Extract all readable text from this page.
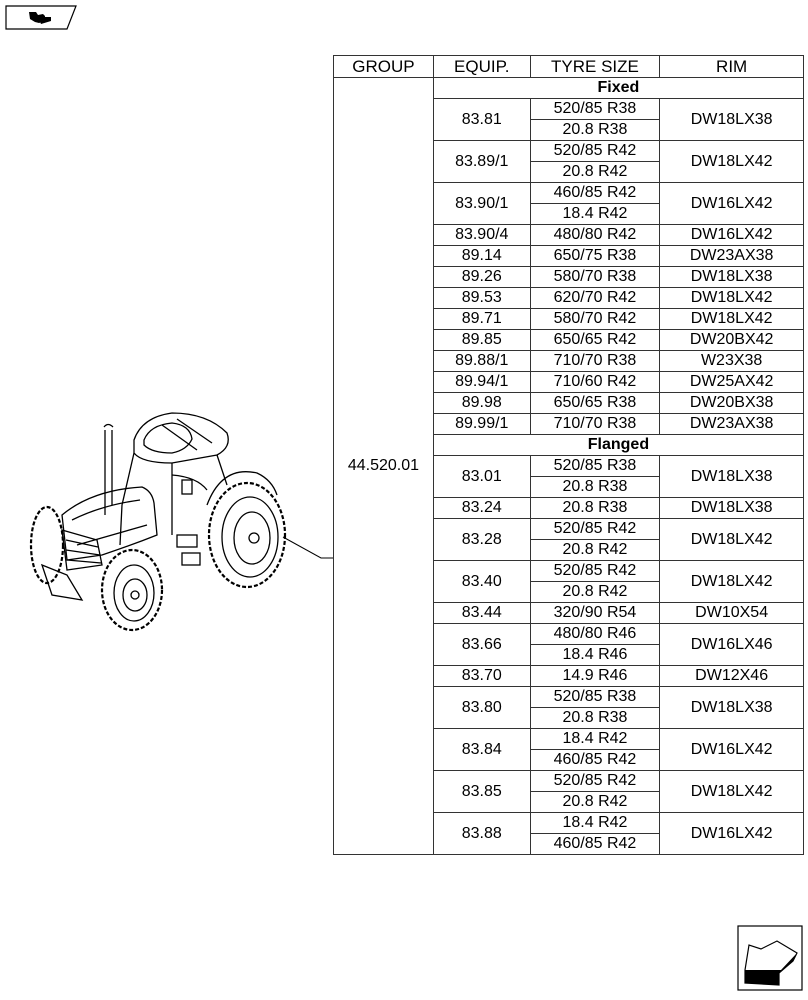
GROUP	EQUIP.	TYRE SIZE	RIM
44.520.01	Fixed		
	83.81	520/85 R38	DW18LX38
		20.8 R38	
	83.89/1	520/85 R42	DW18LX42
		20.8 R42	
	83.90/1	460/85 R42	DW16LX42
		18.4 R42	
	83.90/4	480/80 R42	DW16LX42
	89.14	650/75 R38	DW23AX38
	89.26	580/70 R38	DW18LX38
	89.53	620/70 R42	DW18LX42
	89.71	580/70 R42	DW18LX42
	89.85	650/65 R42	DW20BX42
	89.88/1	710/70 R38	W23X38
	89.94/1	710/60 R42	DW25AX42
	89.98	650/65 R38	DW20BX38
	89.99/1	710/70 R38	DW23AX38
	Flanged		
	83.01	520/85 R38	DW18LX38
		20.8 R38	
	83.24	20.8 R38	DW18LX38
	83.28	520/85 R42	DW18LX42
		20.8 R42	
	83.40	520/85 R42	DW18LX42
		20.8 R42	
	83.44	320/90 R54	DW10X54
	83.66	480/80 R46	DW16LX46
		18.4 R46	
	83.70	14.9 R46	DW12X46
	83.80	520/85 R38	DW18LX38
		20.8 R38	
	83.84	18.4 R42	DW16LX42
		460/85 R42	
	83.85	520/85 R42	DW18LX42
		20.8 R42	
	83.88	18.4 R42	DW16LX42
		460/85 R42	
